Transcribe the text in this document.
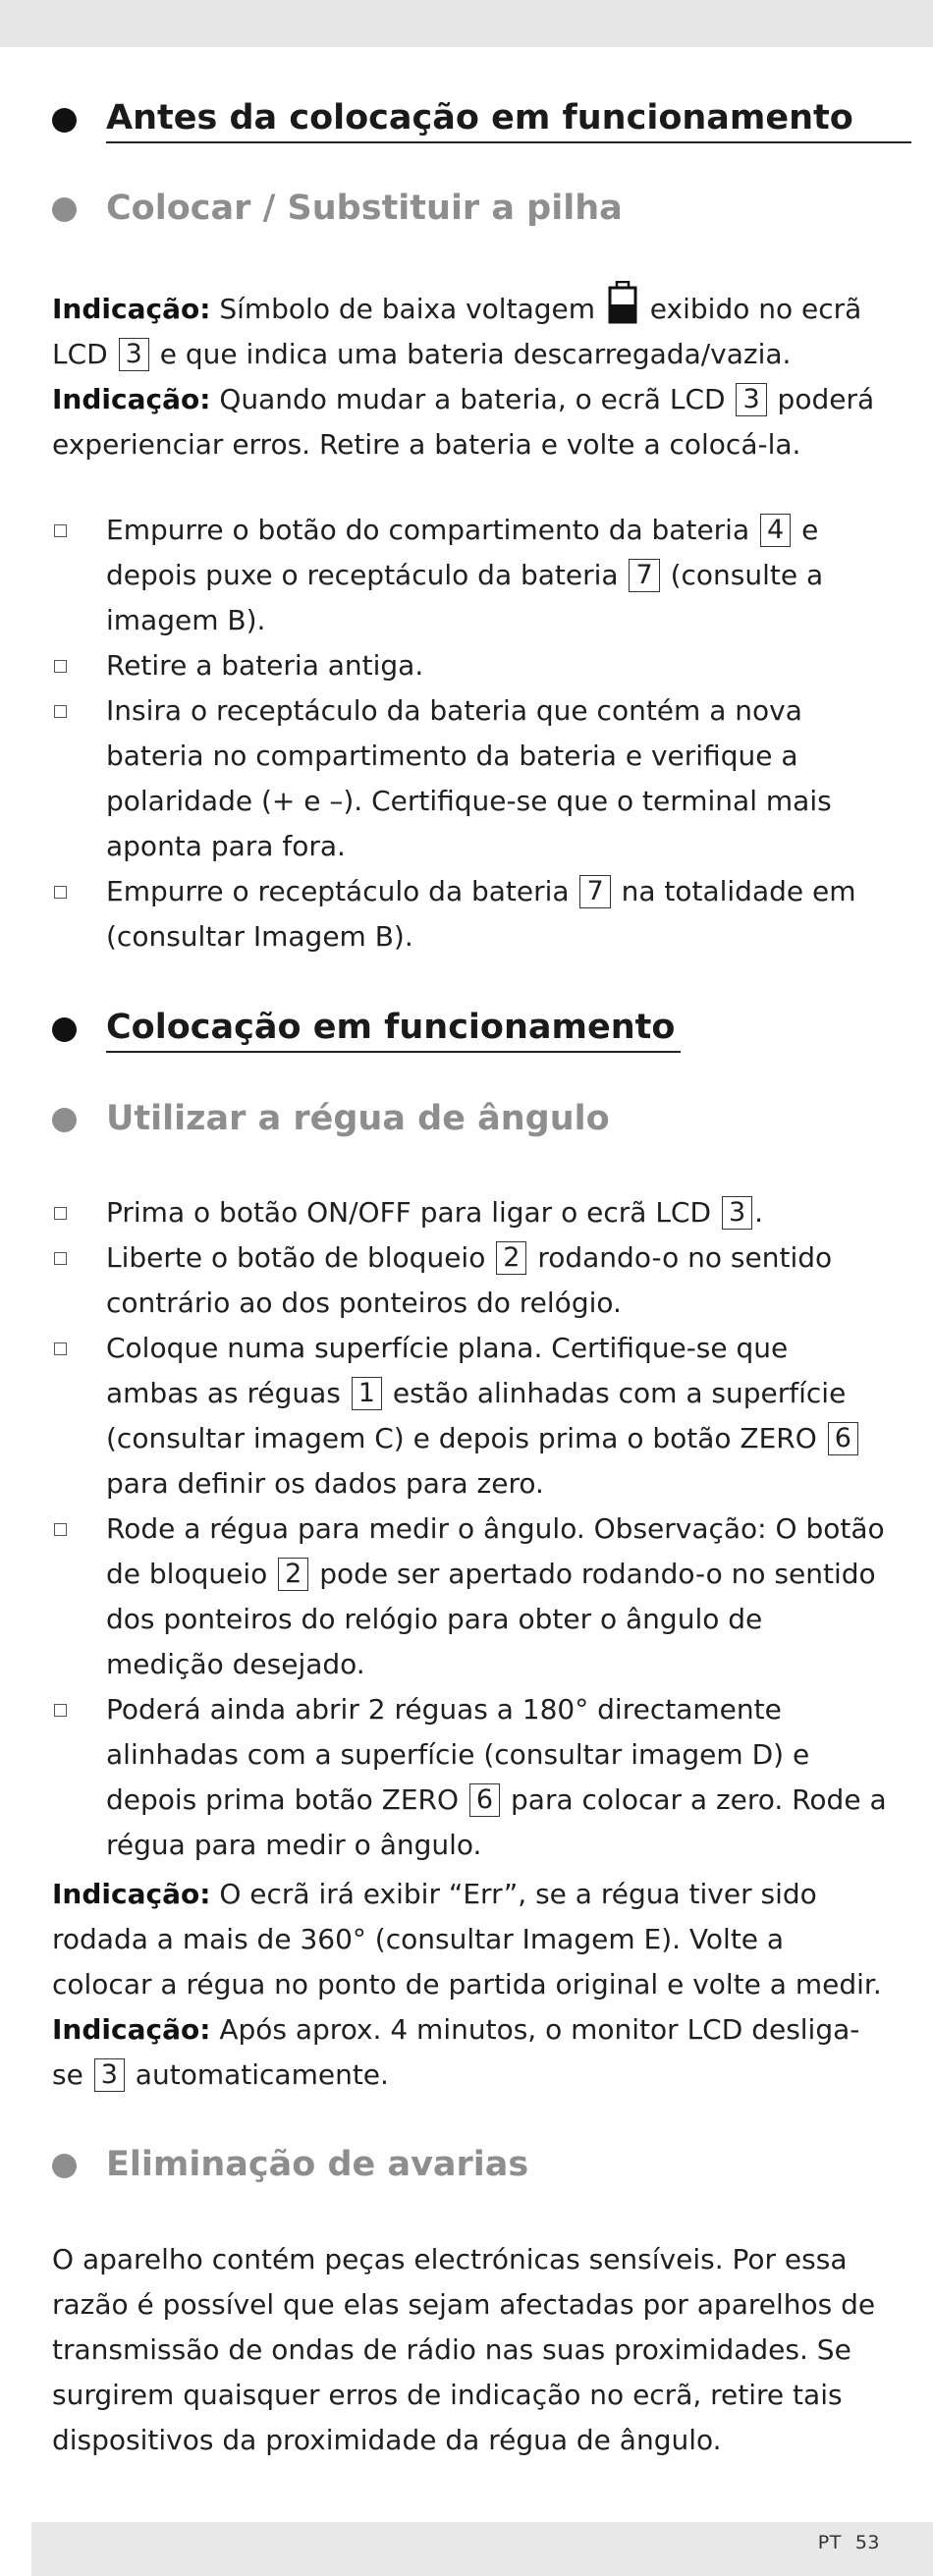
Antes da colocação em funcionamento
Colocar / Substituir a pilha
Indicação: Símbolo de baixa voltagem  exibido no ecrã LCD 3 e que indica uma bateria descarregada/vazia.
Indicação: Quando mudar a bateria, o ecrã LCD 3 poderá experienciar erros. Retire a bateria e volte a colocá-la.
Empurre o botão do compartimento da bateria 4 e depois puxe o receptáculo da bateria 7 (consulte a imagem B).
Retire a bateria antiga.
Insira o receptáculo da bateria que contém a nova bateria no compartimento da bateria e verifique a polaridade (+ e –). Certifique-se que o terminal mais aponta para fora.
Empurre o receptáculo da bateria 7 na totalidade em (consultar Imagem B).
Colocação em funcionamento
Utilizar a régua de ângulo
Prima o botão ON/OFF para ligar o ecrã LCD 3 .
Liberte o botão de bloqueio 2 rodando-o no sentido contrário ao dos ponteiros do relógio.
Coloque numa superfície plana. Certifique-se que ambas as réguas 1 estão alinhadas com a superfície (consultar imagem C) e depois prima o botão ZERO 6 para definir os dados para zero.
Rode a régua para medir o ângulo. Observação: O botão de bloqueio 2 pode ser apertado rodando-o no sentido dos ponteiros do relógio para obter o ângulo de medição desejado.
Poderá ainda abrir 2 réguas a 180° directamente alinhadas com a superfície (consultar imagem D) e depois prima botão ZERO 6 para colocar a zero. Rode a régua para medir o ângulo.
Indicação: O ecrã irá exibir “Err”, se a régua tiver sido rodada a mais de 360° (consultar Imagem E). Volte a colocar a régua no ponto de partida original e volte a medir.
Indicação: Após aprox. 4 minutos, o monitor LCD desliga-se 3 automaticamente.
Eliminação de avarias
O aparelho contém peças electrónicas sensíveis. Por essa razão é possível que elas sejam afectadas por aparelhos de transmissão de ondas de rádio nas suas proximidades. Se surgirem quaisquer erros de indicação no ecrã, retire tais dispositivos da proximidade da régua de ângulo.
PT 53
